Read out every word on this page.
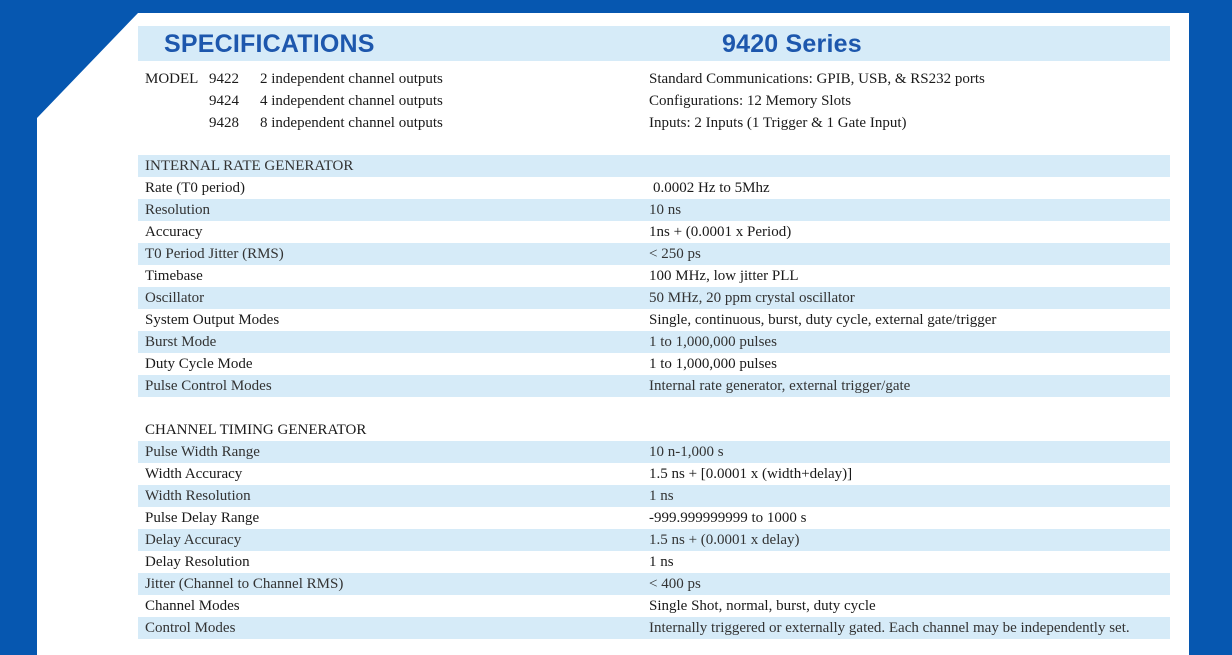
SPECIFICATIONS	9420 Series
MODEL 9422 2 independent channel outputs	Standard Communications: GPIB, USB, & RS232 ports
9424 4 independent channel outputs	Configurations: 12 Memory Slots
9428 8 independent channel outputs	Inputs: 2 Inputs (1 Trigger & 1 Gate Input)
INTERNAL RATE GENERATOR
Rate (T0 period)	0.0002 Hz to 5Mhz
Resolution	10 ns
Accuracy	1ns + (0.0001 x Period)
T0 Period Jitter (RMS)	< 250 ps
Timebase	100 MHz, low jitter PLL
Oscillator	50 MHz, 20 ppm crystal oscillator
System Output Modes	Single, continuous, burst, duty cycle, external gate/trigger
Burst Mode	1 to 1,000,000 pulses
Duty Cycle Mode	1 to 1,000,000 pulses
Pulse Control Modes	Internal rate generator, external trigger/gate
CHANNEL TIMING GENERATOR
Pulse Width Range	10 n-1,000 s
Width Accuracy	1.5 ns + [0.0001 x (width+delay)]
Width Resolution	1 ns
Pulse Delay Range	-999.999999999 to 1000 s
Delay Accuracy	1.5 ns + (0.0001 x delay)
Delay Resolution	1 ns
Jitter (Channel to Channel RMS)	< 400 ps
Channel Modes	Single Shot, normal, burst, duty cycle
Control Modes	Internally triggered or externally gated. Each channel may be independently set.
